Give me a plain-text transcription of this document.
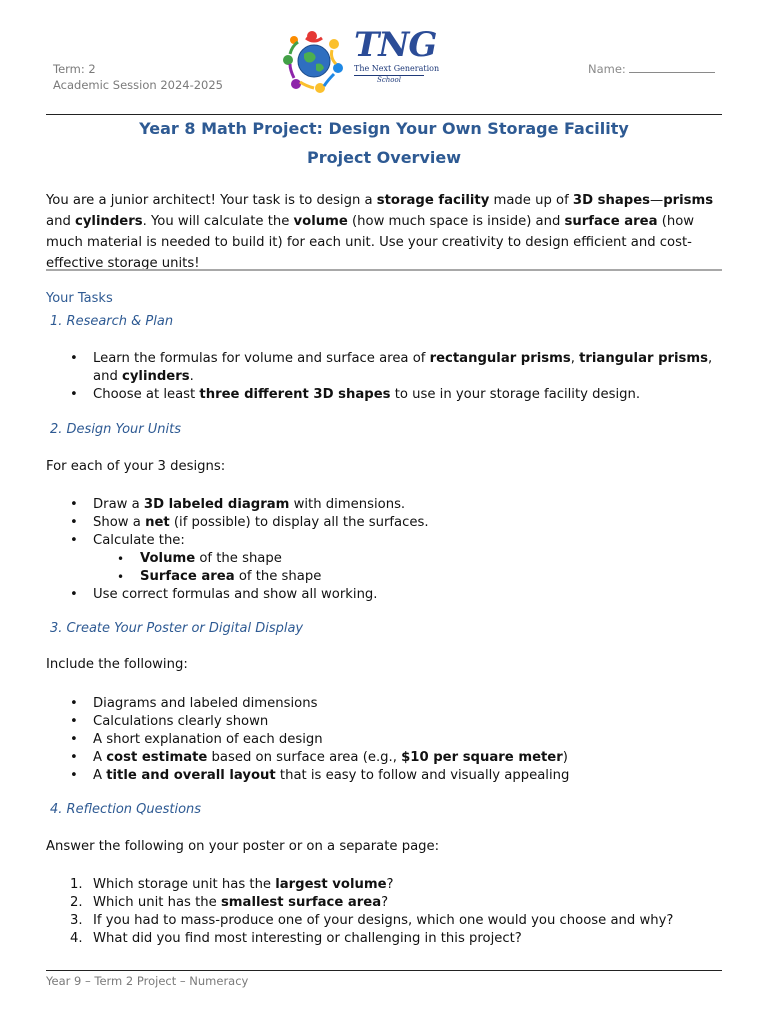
Term: 2
Academic Session 2024-2025
TNG
The Next Generation
School
Name:
Year 8 Math Project: Design Your Own Storage Facility
Project Overview
You are a junior architect! Your task is to design a storage facility made up of 3D shapes—prisms and cylinders. You will calculate the volume (how much space is inside) and surface area (how much material is needed to build it) for each unit. Use your creativity to design efficient and cost-effective storage units!
Your Tasks
1. Research & Plan
• Learn the formulas for volume and surface area of rectangular prisms, triangular prisms, and cylinders.
• Choose at least three different 3D shapes to use in your storage facility design.
2. Design Your Units
For each of your 3 designs:
• Draw a 3D labeled diagram with dimensions.
• Show a net (if possible) to display all the surfaces.
• Calculate the:
• Volume of the shape
• Surface area of the shape
• Use correct formulas and show all working.
3. Create Your Poster or Digital Display
Include the following:
• Diagrams and labeled dimensions
• Calculations clearly shown
• A short explanation of each design
• A cost estimate based on surface area (e.g., $10 per square meter)
• A title and overall layout that is easy to follow and visually appealing
4. Reflection Questions
Answer the following on your poster or on a separate page:
1. Which storage unit has the largest volume?
2. Which unit has the smallest surface area?
3. If you had to mass-produce one of your designs, which one would you choose and why?
4. What did you find most interesting or challenging in this project?
Year 9 – Term 2 Project – Numeracy
